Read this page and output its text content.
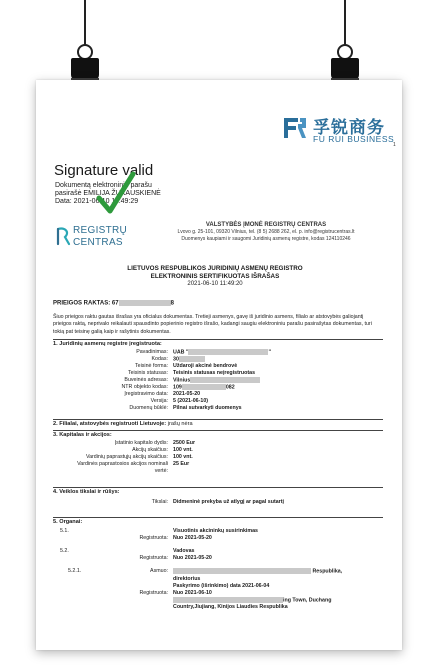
孚锐商务
FU RUI BUSINESS
1
Signature valid
Dokumentą elektroniniu parašu
pasirašė EMILIJA ŽUKAUSKIENĖ
Data: 2021-06-10 11:49:29
REGISTRŲ
CENTRAS
VALSTYBĖS ĮMONĖ REGISTRŲ CENTRAS
Lvovo g. 25-101, 09320 Vilnius, tel. (8 5) 2688 262, el. p. info@registrucentras.lt
Duomenys kaupiami ir saugomi Juridinių asmenų registre, kodas 124110246
LIETUVOS RESPUBLIKOS JURIDINIŲ ASMENŲ REGISTRO
ELEKTRONINIS SERTIFIKUOTAS IŠRAŠAS
2021-06-10 11:49:20
PRIEIGOS RAKTAS: 67	8
Šiuo prieigos raktu gautas išrašas yra oficialus dokumentas. Tretieji asmenys, gavę iš juridinio asmens, filialo ar atstovybės galiojantį prieigos raktą, neprivalo reikalauti spausdinto popierinio registro išrašo, kadangi saugiu elektroniniu parašu pasirašytas dokumentas, turi tokią pat teisinę galią kaip ir rašytinis dokumentas.
1. Juridinių asmenų registre įregistruota:
Pavadinimas: UAB "	"
Kodas: 30
Teisinė forma: Uždaroji akcinė bendrovė
Teisinis statusas: Teisinis statusas neįregistruotas
Buveinės adresas: Vilnius
NTR objekto kodas: 109	082
Įregistravimo data: 2021-05-20
Versija: 5 (2021-06-10)
Duomenų būklė: Pilnai sutvarkyti duomenys
2. Filialai, atstovybės registruoti Lietuvoje: įrašų nėra
3. Kapitalas ir akcijos:
Įstatinio kapitalo dydis: 2500 Eur
Akcijų skaičius: 100 vnt.
Vardinių paprastųjų akcijų skaičius: 100 vnt.
Vardinės paprastosios akcijos nominali 25 Eur
vertė:
4. Veiklos tikslai ir rūšys:
Tikslai: Didmeninė prekyba už atlygį ar pagal sutartį
5. Organai:
5.1.	Visuotinis akcininkų susirinkimas
Registruota: Nuo 2021-05-20
5.2.	Vadovas
Registruota: Nuo 2021-05-20
5.2.1.	Asmuo:	Respublika,
direktorius
Paskyrimo (išrinkimo) data 2021-06-04
Registruota: Nuo 2021-06-10
ing Town, Duchang
Country,Jiujiang, Kinijos Liaudies Respublika
